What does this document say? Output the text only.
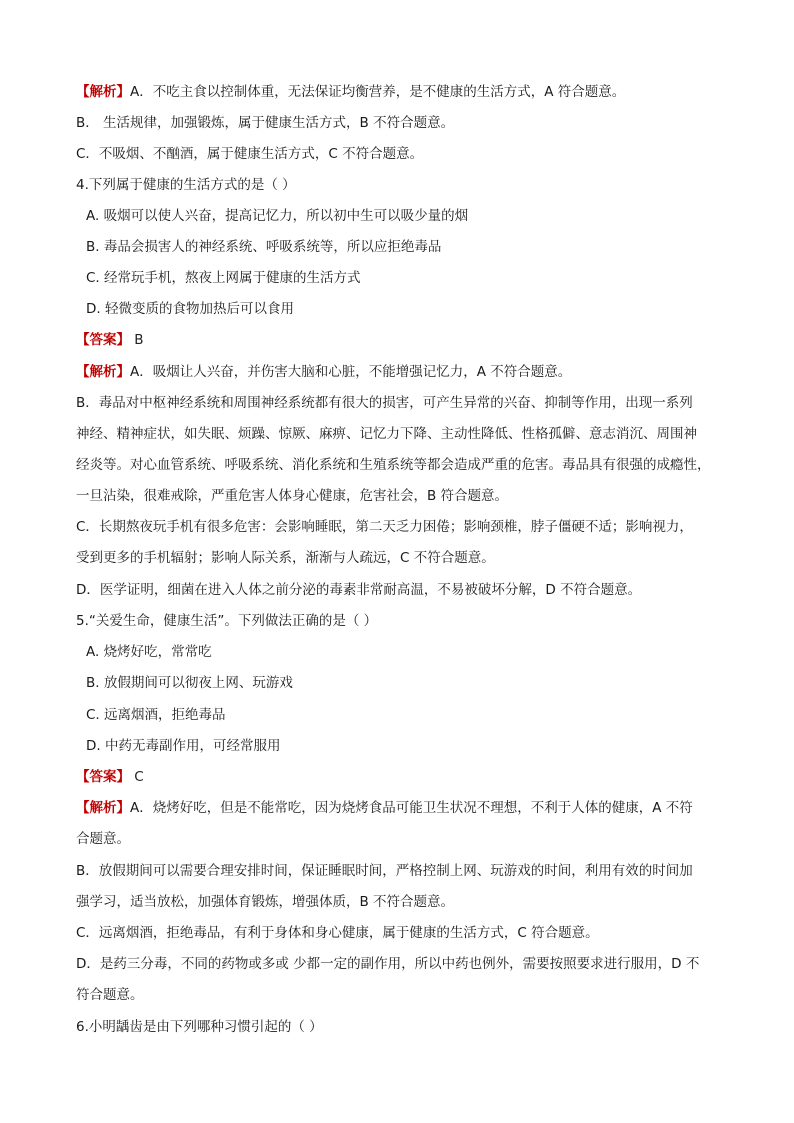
【解析】A．不吃主食以控制体重，无法保证均衡营养，是不健康的生活方式，A 符合题意。
B． 生活规律，加强锻炼，属于健康生活方式，B 不符合题意。
C．不吸烟、不酗酒，属于健康生活方式，C 不符合题意。
4.下列属于健康的生活方式的是（ ）
A. 吸烟可以使人兴奋，提高记忆力，所以初中生可以吸少量的烟
B. 毒品会损害人的神经系统、呼吸系统等，所以应拒绝毒品
C. 经常玩手机，熬夜上网属于健康的生活方式
D. 轻微变质的食物加热后可以食用
【答案】 B
【解析】A．吸烟让人兴奋，并伤害大脑和心脏，不能增强记忆力，A 不符合题意。
B．毒品对中枢神经系统和周围神经系统都有很大的损害，可产生异常的兴奋、抑制等作用，出现一系列
神经、精神症状，如失眠、烦躁、惊厥、麻痹、记忆力下降、主动性降低、性格孤僻、意志消沉、周围神
经炎等。对心血管系统、呼吸系统、消化系统和生殖系统等都会造成严重的危害。毒品具有很强的成瘾性，
一旦沾染，很难戒除，严重危害人体身心健康，危害社会，B 符合题意。
C．长期熬夜玩手机有很多危害：会影响睡眠，第二天乏力困倦；影响颈椎，脖子僵硬不适；影响视力，
受到更多的手机辐射；影响人际关系，渐渐与人疏远，C 不符合题意。
D．医学证明，细菌在进入人体之前分泌的毒素非常耐高温，不易被破坏分解，D 不符合题意。
5.“关爱生命，健康生活”。下列做法正确的是（ ）
A. 烧烤好吃，常常吃
B. 放假期间可以彻夜上网、玩游戏
C. 远离烟酒，拒绝毒品
D. 中药无毒副作用，可经常服用
【答案】 C
【解析】A．烧烤好吃，但是不能常吃，因为烧烤食品可能卫生状况不理想，不利于人体的健康，A 不符
合题意。
B．放假期间可以需要合理安排时间，保证睡眠时间，严格控制上网、玩游戏的时间，利用有效的时间加
强学习，适当放松，加强体育锻炼，增强体质，B 不符合题意。
C．远离烟酒，拒绝毒品，有利于身体和身心健康，属于健康的生活方式，C 符合题意。
D．是药三分毒，不同的药物或多或 少都一定的副作用，所以中药也例外，需要按照要求进行服用，D 不
符合题意。
6.小明龋齿是由下列哪种习惯引起的（ ）
